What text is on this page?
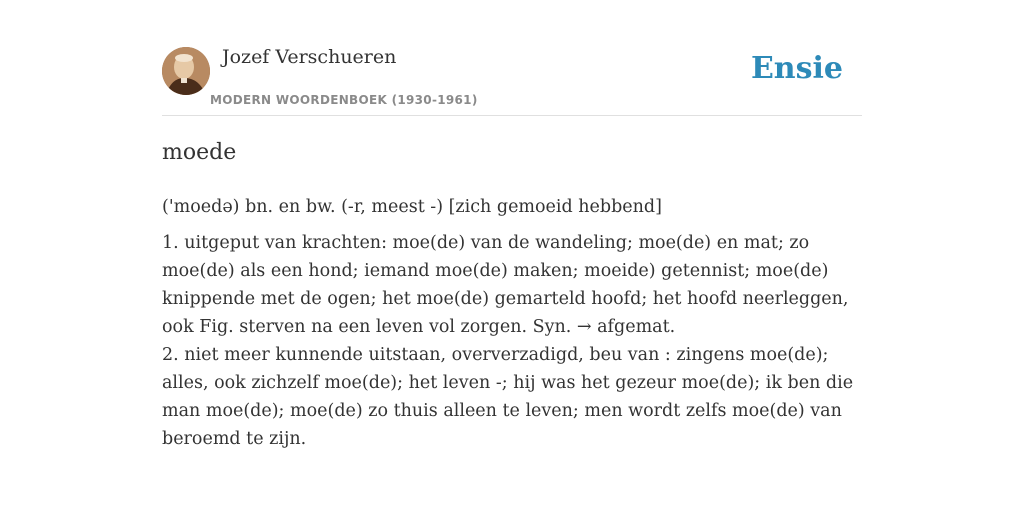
Jozef Verschueren
MODERN WOORDENBOEK (1930-1961)
Ensie
moede

('moedə) bn. en bw. (-r, meest -) [zich gemoeid hebbend]

1. uitgeput van krachten: moe(de) van de wandeling; moe(de) en mat; zo moe(de) als een hond; iemand moe(de) maken; moeide) getennist; moe(de) knippende met de ogen; het moe(de) gemarteld hoofd; het hoofd neerleggen, ook Fig. sterven na een leven vol zorgen. Syn. → afgemat.
2. niet meer kunnende uitstaan, oververzadigd, beu van : zingens moe(de); alles, ook zichzelf moe(de); het leven -; hij was het gezeur moe(de); ik ben die man moe(de); moe(de) zo thuis alleen te leven; men wordt zelfs moe(de) van beroemd te zijn.
